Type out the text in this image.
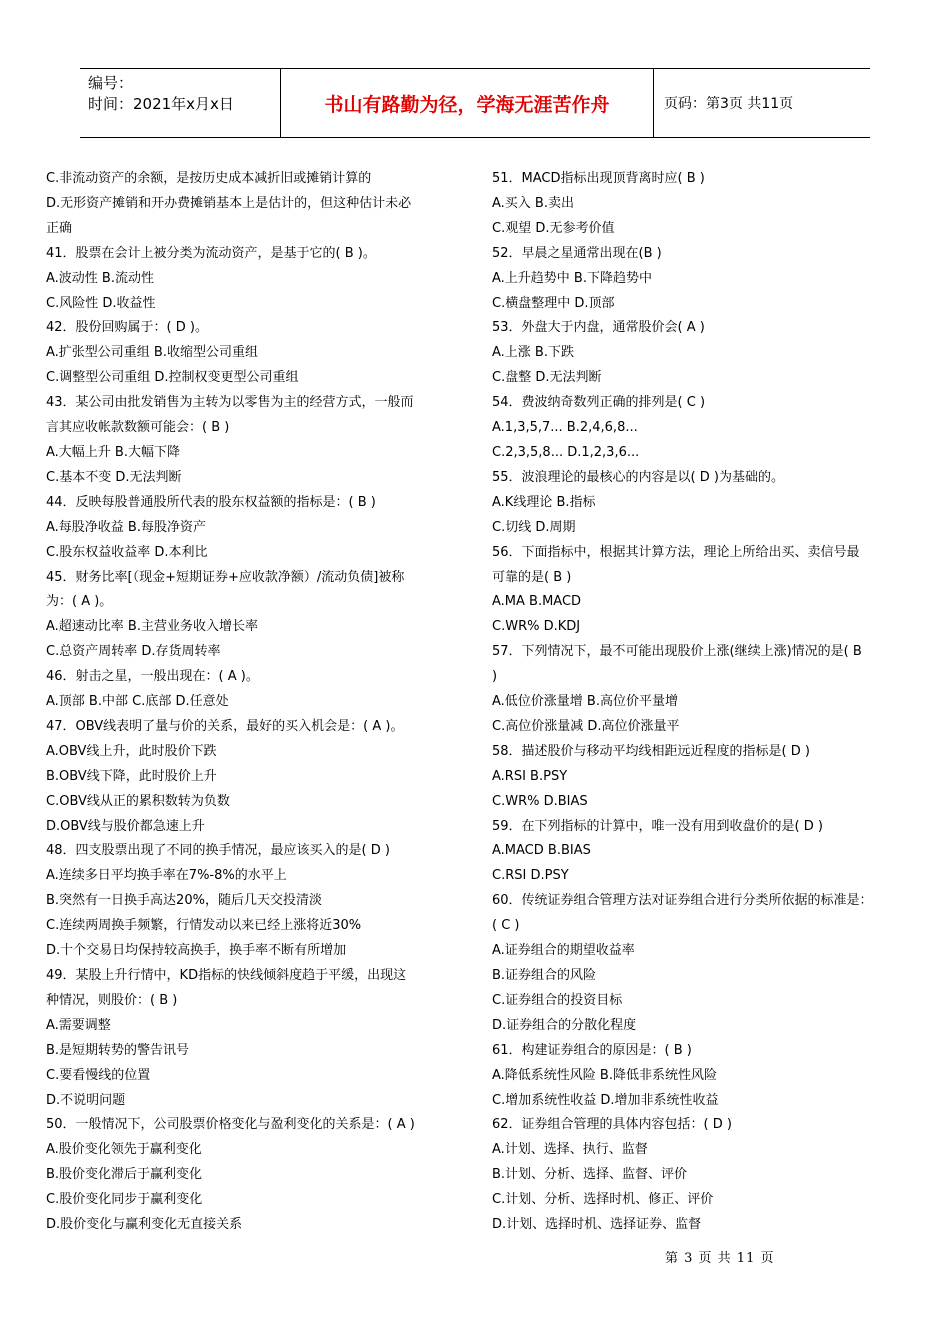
编号：
时间：2021年x月x日	书山有路勤为径，学海无涯苦作舟	页码：第3页 共11页
C.非流动资产的余额，是按历史成本减折旧或摊销计算的
D.无形资产摊销和开办费摊销基本上是估计的，但这种估计未必
正确
41．股票在会计上被分类为流动资产，是基于它的( B )。
A.波动性 B.流动性
C.风险性 D.收益性
42．股份回购属于：( D )。
A.扩张型公司重组 B.收缩型公司重组
C.调整型公司重组 D.控制权变更型公司重组
43．某公司由批发销售为主转为以零售为主的经营方式，一般而
言其应收帐款数额可能会：( B )
A.大幅上升 B.大幅下降
C.基本不变 D.无法判断
44．反映每股普通股所代表的股东权益额的指标是：( B )
A.每股净收益 B.每股净资产
C.股东权益收益率 D.本利比
45．财务比率[（现金+短期证券+应收款净额）/流动负债]被称
为：( A )。
A.超速动比率 B.主营业务收入增长率
C.总资产周转率 D.存货周转率
46．射击之星，一般出现在：( A )。
A.顶部 B.中部 C.底部 D.任意处
47．OBV线表明了量与价的关系，最好的买入机会是：( A )。
A.OBV线上升，此时股价下跌
B.OBV线下降，此时股价上升
C.OBV线从正的累积数转为负数
D.OBV线与股价都急速上升
48．四支股票出现了不同的换手情况，最应该买入的是( D )
A.连续多日平均换手率在7%-8%的水平上
B.突然有一日换手高达20%，随后几天交投清淡
C.连续两周换手频繁，行情发动以来已经上涨将近30%
D.十个交易日均保持较高换手，换手率不断有所增加
49．某股上升行情中，KD指标的快线倾斜度趋于平缓，出现这
种情况，则股价：( B )
A.需要调整
B.是短期转势的警告讯号
C.要看慢线的位置
D.不说明问题
50．一般情况下，公司股票价格变化与盈利变化的关系是：( A )
A.股价变化领先于赢利变化
B.股价变化滞后于赢利变化
C.股价变化同步于赢利变化
D.股价变化与赢利变化无直接关系
51．MACD指标出现顶背离时应( B )
A.买入 B.卖出
C.观望 D.无参考价值
52．早晨之星通常出现在(B )
A.上升趋势中 B.下降趋势中
C.横盘整理中 D.顶部
53．外盘大于内盘，通常股价会( A )
A.上涨 B.下跌
C.盘整 D.无法判断
54．费波纳奇数列正确的排列是( C )
A.1,3,5,7... B.2,4,6,8...
C.2,3,5,8... D.1,2,3,6...
55．波浪理论的最核心的内容是以( D )为基础的。
A.K线理论 B.指标
C.切线 D.周期
56．下面指标中，根据其计算方法，理论上所给出买、卖信号最
可靠的是( B )
A.MA B.MACD
C.WR% D.KDJ
57．下列情况下，最不可能出现股价上涨(继续上涨)情况的是( B
)
A.低位价涨量增 B.高位价平量增
C.高位价涨量减 D.高位价涨量平
58．描述股价与移动平均线相距远近程度的指标是( D )
A.RSI B.PSY
C.WR% D.BIAS
59．在下列指标的计算中，唯一没有用到收盘价的是( D )
A.MACD B.BIAS
C.RSI D.PSY
60．传统证券组合管理方法对证券组合进行分类所依据的标准是：
( C )
A.证券组合的期望收益率
B.证券组合的风险
C.证券组合的投资目标
D.证券组合的分散化程度
61．构建证券组合的原因是：( B )
A.降低系统性风险 B.降低非系统性风险
C.增加系统性收益 D.增加非系统性收益
62．证券组合管理的具体内容包括：( D )
A.计划、选择、执行、监督
B.计划、分析、选择、监督、评价
C.计划、分析、选择时机、修正、评价
D.计划、选择时机、选择证券、监督
第 3 页 共 11 页
